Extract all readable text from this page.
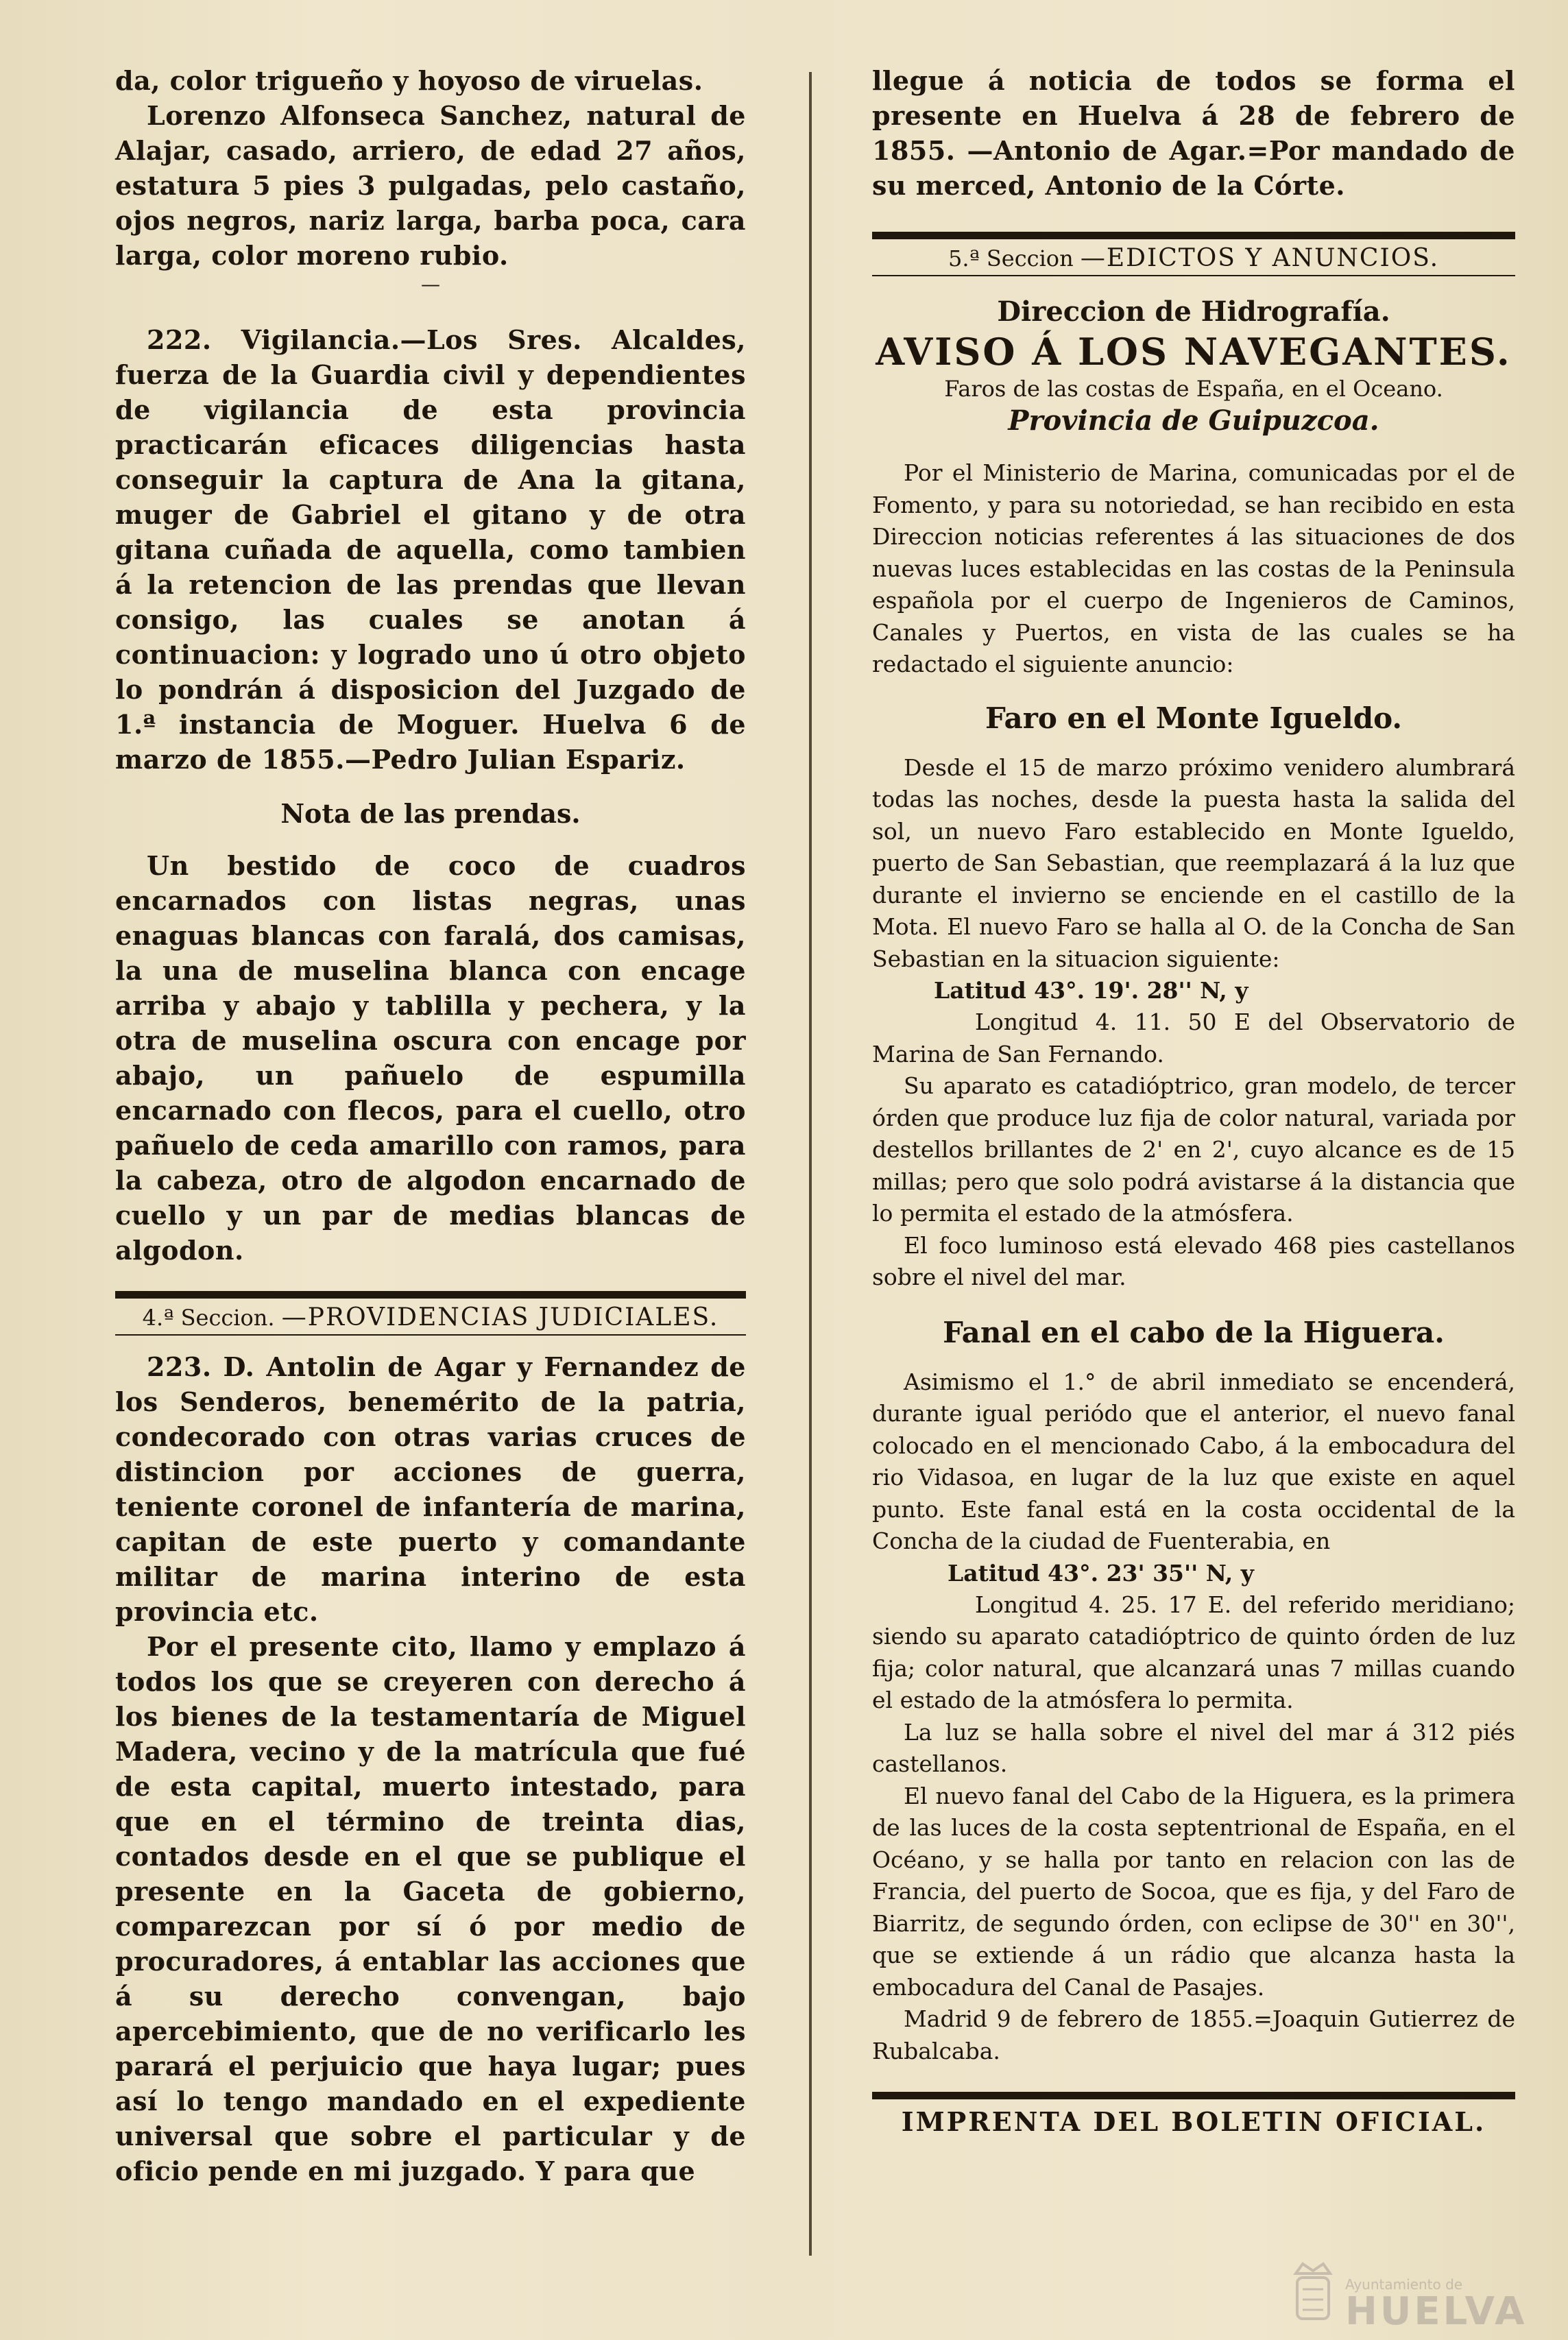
da, color trigueño y hoyoso de viruelas.

Lorenzo Alfonseca Sanchez, natural de Alajar, casado, arriero, de edad 27 años, estatura 5 pies 3 pulgadas, pelo castaño, ojos negros, nariz larga, barba poca, cara larga, color moreno rubio.

—

222. Vigilancia.—Los Sres. Alcaldes, fuerza de la Guardia civil y dependientes de vigilancia de esta provincia practicarán eficaces diligencias hasta conseguir la captura de Ana la gitana, muger de Gabriel el gitano y de otra gitana cuñada de aquella, como tambien á la retencion de las prendas que llevan consigo, las cuales se anotan á continuacion: y logrado uno ú otro objeto lo pondrán á disposicion del Juzgado de 1.ª instancia de Moguer. Huelva 6 de marzo de 1855.—Pedro Julian Espariz.

Nota de las prendas.

Un bestido de coco de cuadros encarnados con listas negras, unas enaguas blancas con faralá, dos camisas, la una de muselina blanca con encage arriba y abajo y tablilla y pechera, y la otra de muselina oscura con encage por abajo, un pañuelo de espumilla encarnado con flecos, para el cuello, otro pañuelo de ceda amarillo con ramos, para la cabeza, otro de algodon encarnado de cuello y un par de medias blancas de algodon.

4.ª Seccion. —PROVIDENCIAS JUDICIALES.

223. D. Antolin de Agar y Fernandez de los Senderos, benemérito de la patria, condecorado con otras varias cruces de distincion por acciones de guerra, teniente coronel de infantería de marina, capitan de este puerto y comandante militar de marina interino de esta provincia etc.

Por el presente cito, llamo y emplazo á todos los que se creyeren con derecho á los bienes de la testamentaría de Miguel Madera, vecino y de la matrícula que fué de esta capital, muerto intestado, para que en el término de treinta dias, contados desde en el que se publique el presente en la Gaceta de gobierno, comparezcan por sí ó por medio de procuradores, á entablar las acciones que á su derecho convengan, bajo apercebimiento, que de no verificarlo les parará el perjuicio que haya lugar; pues así lo tengo mandado en el expediente universal que sobre el particular y de oficio pende en mi juzgado. Y para que

llegue á noticia de todos se forma el presente en Huelva á 28 de febrero de 1855. —Antonio de Agar.=Por mandado de su merced, Antonio de la Córte.

5.ª Seccion —EDICTOS Y ANUNCIOS.

Direccion de Hidrografía.

AVISO Á LOS NAVEGANTES.

Faros de las costas de España, en el Oceano.

Provincia de Guipuzcoa.

Por el Ministerio de Marina, comunicadas por el de Fomento, y para su notoriedad, se han recibido en esta Direccion noticias referentes á las situaciones de dos nuevas luces establecidas en las costas de la Peninsula española por el cuerpo de Ingenieros de Caminos, Canales y Puertos, en vista de las cuales se ha redactado el siguiente anuncio:

Faro en el Monte Igueldo.

Desde el 15 de marzo próximo venidero alumbrará todas las noches, desde la puesta hasta la salida del sol, un nuevo Faro establecido en Monte Igueldo, puerto de San Sebastian, que reemplazará á la luz que durante el invierno se enciende en el castillo de la Mota. El nuevo Faro se halla al O. de la Concha de San Sebastian en la situacion siguiente:

Latitud 43°. 19'. 28'' N, y

Longitud 4. 11. 50 E del Observatorio de Marina de San Fernando.

Su aparato es catadióptrico, gran modelo, de tercer órden que produce luz fija de color natural, variada por destellos brillantes de 2' en 2', cuyo alcance es de 15 millas; pero que solo podrá avistarse á la distancia que lo permita el estado de la atmósfera.

El foco luminoso está elevado 468 pies castellanos sobre el nivel del mar.

Fanal en el cabo de la Higuera.

Asimismo el 1.° de abril inmediato se encenderá, durante igual periódo que el anterior, el nuevo fanal colocado en el mencionado Cabo, á la embocadura del rio Vidasoa, en lugar de la luz que existe en aquel punto. Este fanal está en la costa occidental de la Concha de la ciudad de Fuenterabia, en

Latitud 43°. 23' 35'' N, y

Longitud 4. 25. 17 E. del referido meridiano; siendo su aparato catadióptrico de quinto órden de luz fija; color natural, que alcanzará unas 7 millas cuando el estado de la atmósfera lo permita.

La luz se halla sobre el nivel del mar á 312 piés castellanos.

El nuevo fanal del Cabo de la Higuera, es la primera de las luces de la costa septentrional de España, en el Océano, y se halla por tanto en relacion con las de Francia, del puerto de Socoa, que es fija, y del Faro de Biarritz, de segundo órden, con eclipse de 30'' en 30'', que se extiende á un rádio que alcanza hasta la embocadura del Canal de Pasajes.

Madrid 9 de febrero de 1855.=Joaquin Gutierrez de Rubalcaba.

IMPRENTA DEL BOLETIN OFICIAL.
Ayuntamiento de
HUELVA
